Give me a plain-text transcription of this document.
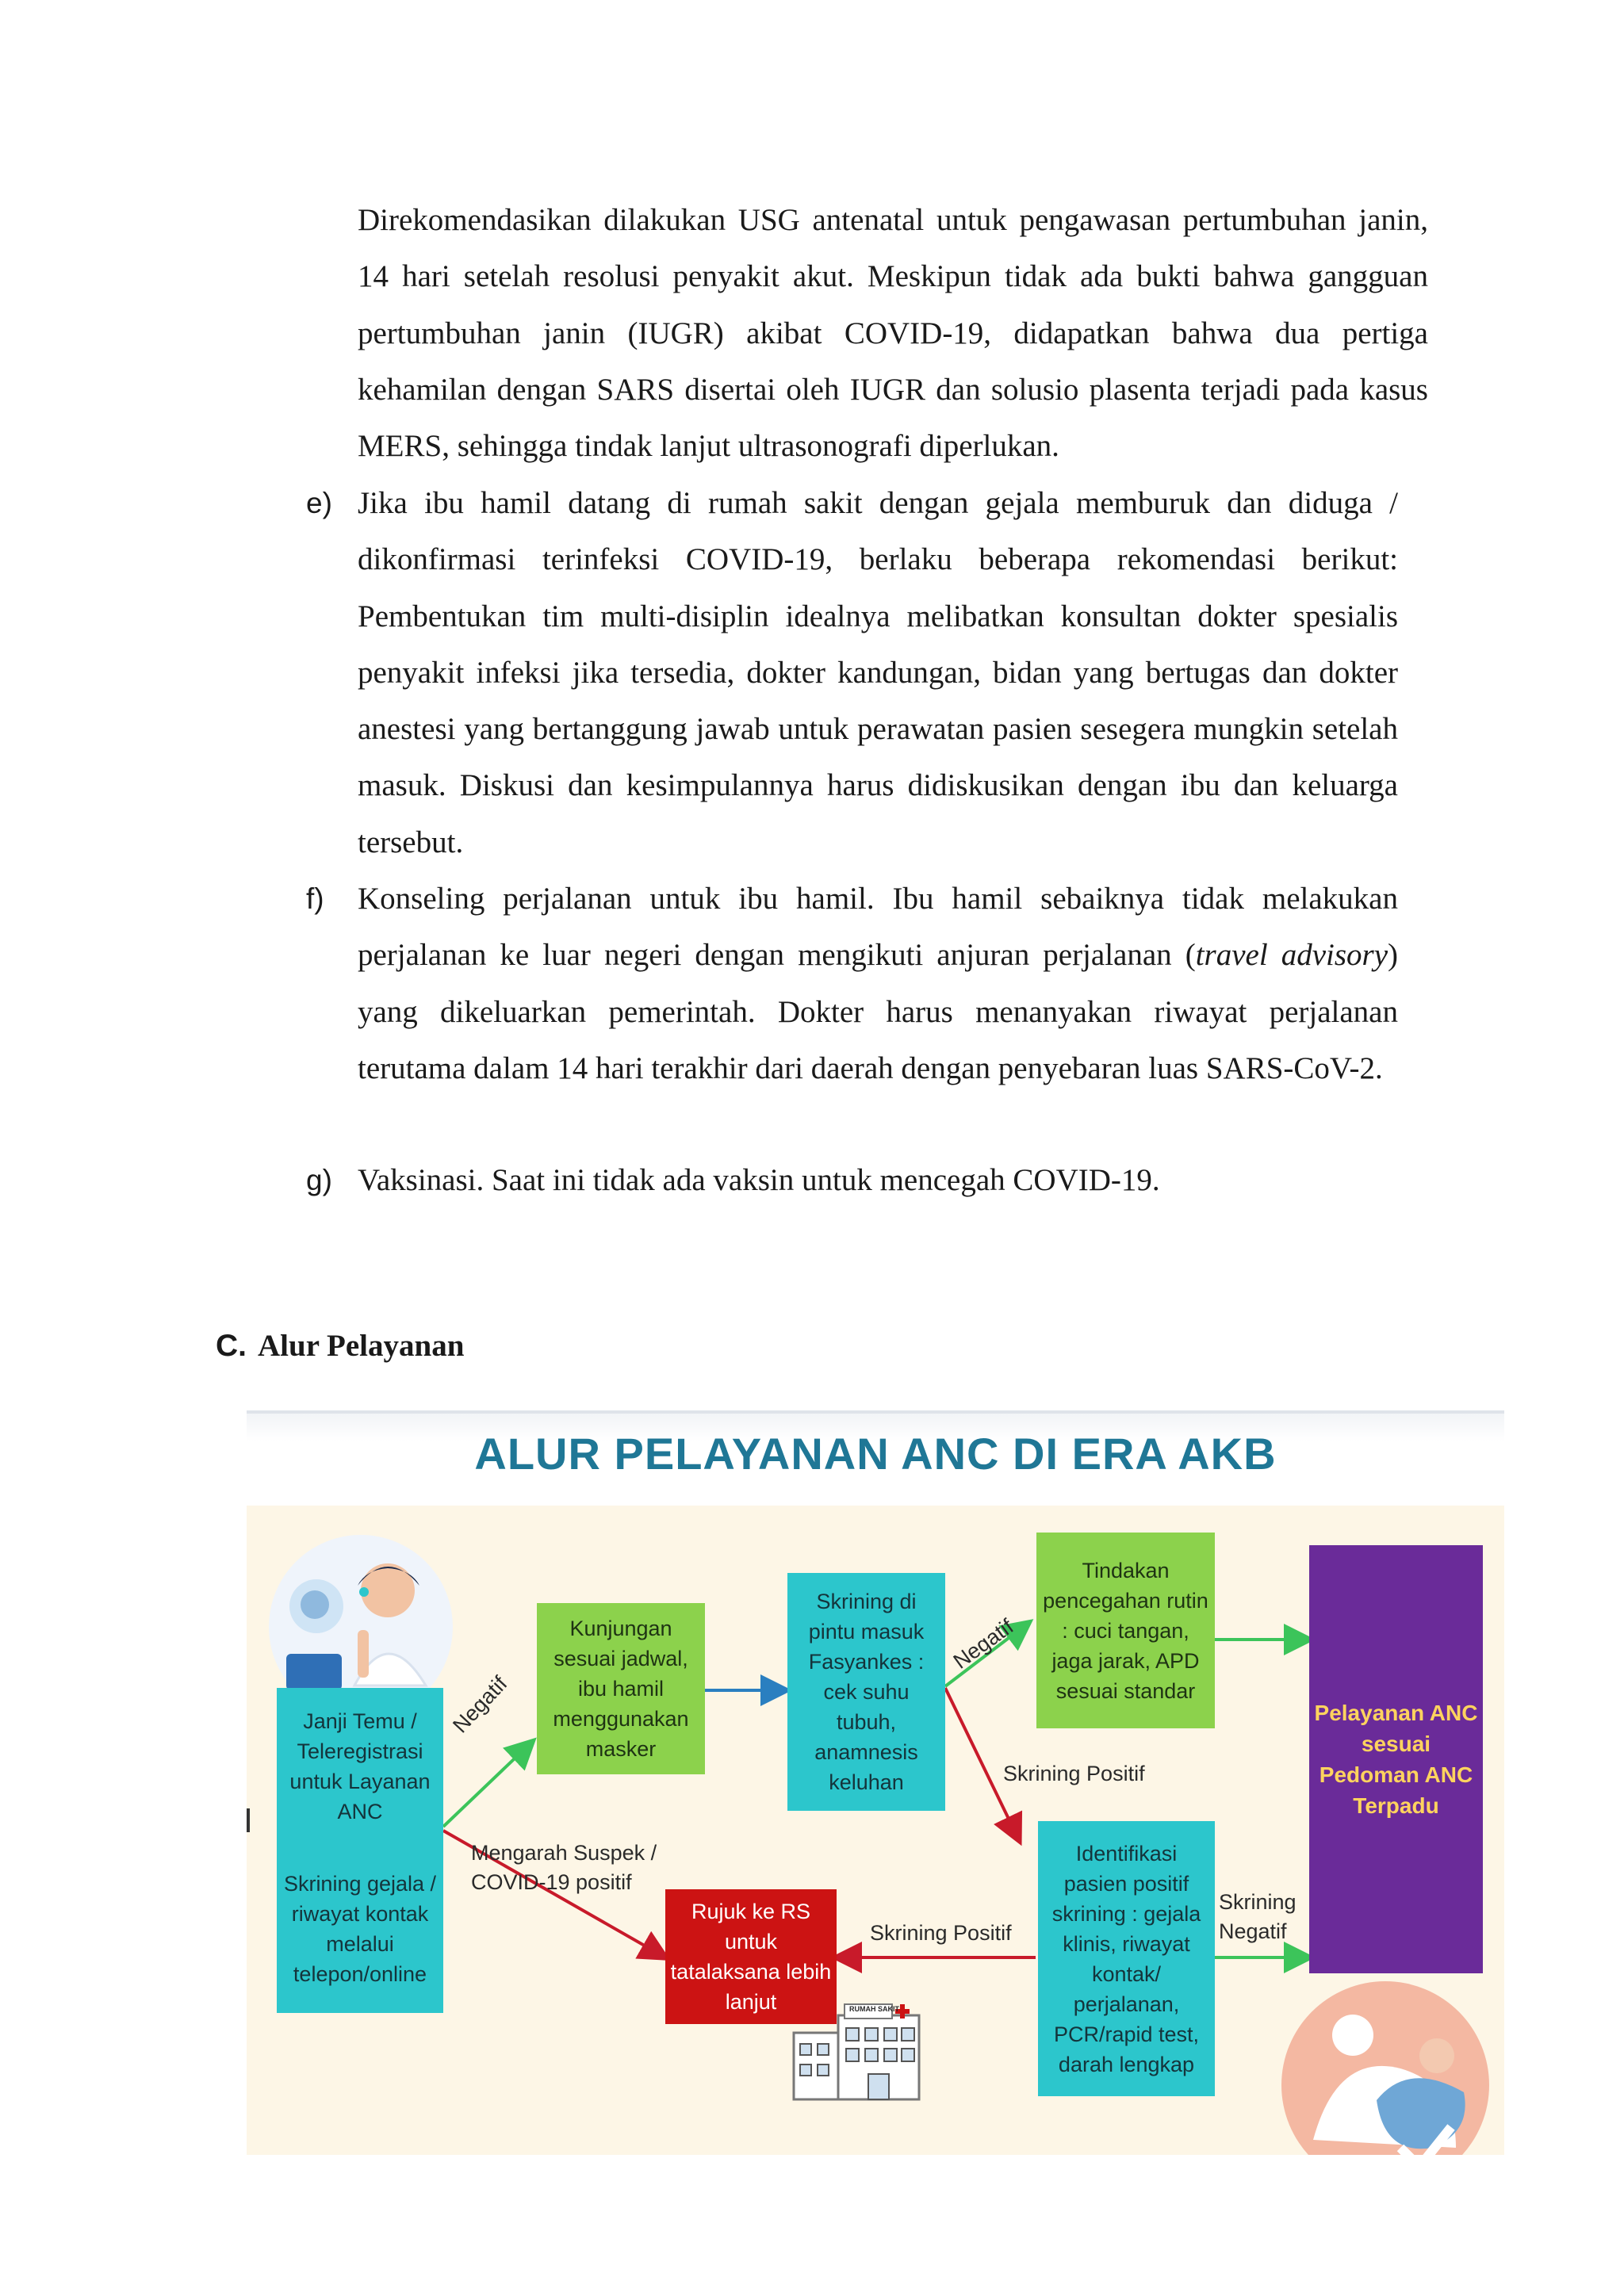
Direkomendasikan dilakukan USG antenatal untuk pengawasan pertumbuhan janin, 14 hari setelah resolusi penyakit akut. Meskipun tidak ada bukti bahwa gangguan pertumbuhan janin (IUGR) akibat COVID-19, didapatkan bahwa dua pertiga kehamilan dengan SARS disertai oleh IUGR dan solusio plasenta terjadi pada kasus MERS, sehingga tindak lanjut ultrasonografi diperlukan.

e) Jika ibu hamil datang di rumah sakit dengan gejala memburuk dan diduga / dikonfirmasi terinfeksi COVID-19, berlaku beberapa rekomendasi berikut: Pembentukan tim multi-disiplin idealnya melibatkan konsultan dokter spesialis penyakit infeksi jika tersedia, dokter kandungan, bidan yang bertugas dan dokter anestesi yang bertanggung jawab untuk perawatan pasien sesegera mungkin setelah masuk. Diskusi dan kesimpulannya harus didiskusikan dengan ibu dan keluarga tersebut.

f) Konseling perjalanan untuk ibu hamil. Ibu hamil sebaiknya tidak melakukan perjalanan ke luar negeri dengan mengikuti anjuran perjalanan (travel advisory) yang dikeluarkan pemerintah. Dokter harus menanyakan riwayat perjalanan terutama dalam 14 hari terakhir dari daerah dengan penyebaran luas SARS-CoV-2.

g) Vaksinasi. Saat ini tidak ada vaksin untuk mencegah COVID-19.

C. Alur Pelayanan
ALUR PELAYANAN ANC DI ERA AKB
Janji Temu / Teleregistrasi untuk Layanan ANC
Skrining gejala / riwayat kontak melalui telepon/online
Kunjungan sesuai jadwal, ibu hamil menggunakan masker
Skrining di pintu masuk Fasyankes : cek suhu tubuh, anamnesis keluhan
Tindakan pencegahan rutin : cuci tangan, jaga jarak, APD sesuai standar
Identifikasi pasien positif skrining : gejala klinis, riwayat kontak/ perjalanan, PCR/rapid test, darah lengkap
Rujuk ke RS untuk tatalaksana lebih lanjut
Pelayanan ANC sesuai Pedoman ANC Terpadu
RUMAH SAKIT
Negatif
Negatif
Skrining Positif
Skrining Positif
Skrining Negatif
Mengarah Suspek / COVID-19 positif
